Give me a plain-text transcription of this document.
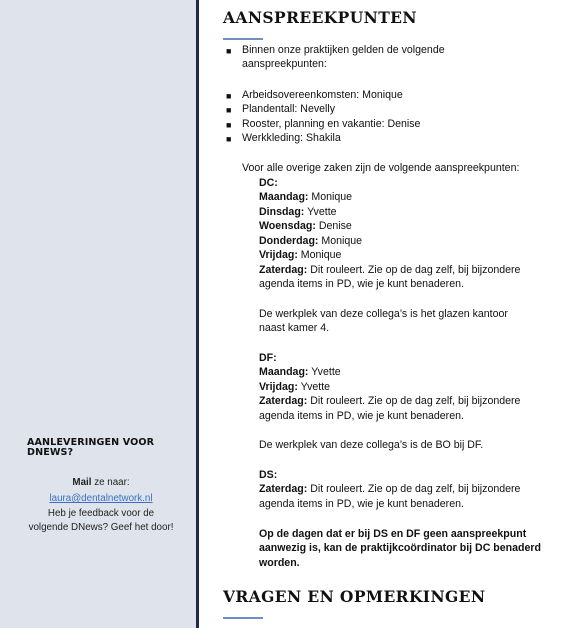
AANLEVERINGEN VOOR DNEWS?
Mail ze naar:
laura@dentalnetwork.nl
Heb je feedback voor de volgende DNews? Geef het door!
AANSPREEKPUNTEN
■ Binnen onze praktijken gelden de volgende
aanspreekpunten:
■ Arbeidsovereenkomsten: Monique
■ Plandentall: Nevelly
■ Rooster, planning en vakantie: Denise
■ Werkkleding: Shakila
Voor alle overige zaken zijn de volgende aanspreekpunten:
DC:
Maandag: Monique
Dinsdag: Yvette
Woensdag: Denise
Donderdag: Monique
Vrijdag: Monique
Zaterdag: Dit rouleert. Zie op de dag zelf, bij bijzondere
agenda items in PD, wie je kunt benaderen.
De werkplek van deze collega’s is het glazen kantoor
naast kamer 4.
DF:
Maandag: Yvette
Vrijdag: Yvette
Zaterdag: Dit rouleert. Zie op de dag zelf, bij bijzondere
agenda items in PD, wie je kunt benaderen.
De werkplek van deze collega’s is de BO bij DF.
DS:
Zaterdag: Dit rouleert. Zie op de dag zelf, bij bijzondere
agenda items in PD, wie je kunt benaderen.
Op de dagen dat er bij DS en DF geen aanspreekpunt
aanwezig is, kan de praktijkcoördinator bij DC benaderd
worden.
VRAGEN EN OPMERKINGEN
